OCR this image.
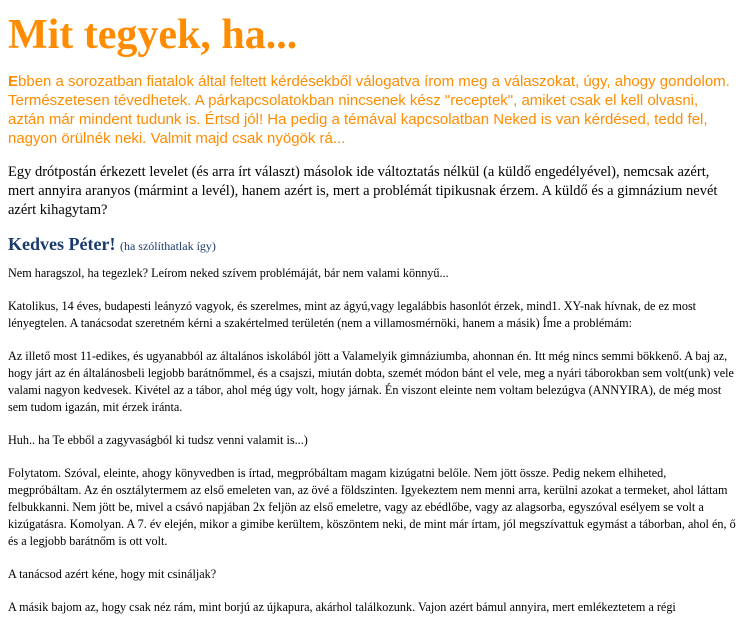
Mit tegyek, ha...

Ebben a sorozatban fiatalok által feltett kérdésekből válogatva írom meg a válaszokat, úgy, ahogy gondolom. Természetesen tévedhetek. A párkapcsolatokban nincsenek kész "receptek", amiket csak el kell olvasni, aztán már mindent tudunk is. Értsd jól! Ha pedig a témával kapcsolatban Neked is van kérdésed, tedd fel, nagyon örülnék neki. Valmit majd csak nyögök rá...

Egy drótpostán érkezett levelet (és arra írt választ) másolok ide változtatás nélkül (a küldő engedélyével), nemcsak azért, mert annyira aranyos (mármint a levél), hanem azért is, mert a problémát tipikusnak érzem. A küldő és a gimnázium nevét azért kihagytam?

Kedves Péter! (ha szólíthatlak így)

Nem haragszol, ha tegezlek? Leírom neked szívem problémáját, bár nem valami könnyű...

Katolikus, 14 éves, budapesti leányzó vagyok, és szerelmes, mint az ágyú,vagy legalábbis hasonlót érzek, mind1. XY-nak hívnak, de ez most lényegtelen. A tanácsodat szeretném kérni a szakértelmed területén (nem a villamosmérnöki, hanem a másik) Íme a problémám:

Az illető most 11-edikes, és ugyanabból az általános iskolából jött a Valamelyik gimnáziumba, ahonnan én. Itt még nincs semmi bökkenő. A baj az, hogy járt az én általánosbeli legjobb barátnőmmel, és a csajszi, miután dobta, szemét módon bánt el vele, meg a nyári táborokban sem volt(unk) vele valami nagyon kedvesek. Kivétel az a tábor, ahol még úgy volt, hogy járnak. Én viszont eleinte nem voltam belezúgva (ANNYIRA), de még most sem tudom igazán, mit érzek iránta.

Huh.. ha Te ebből a zagyvaságból ki tudsz venni valamit is...)

Folytatom. Szóval, eleinte, ahogy könyvedben is írtad, megpróbáltam magam kizúgatni belőle. Nem jött össze. Pedig nekem elhiheted, megpróbáltam. Az én osztálytermem az első emeleten van, az övé a földszinten. Igyekeztem nem menni arra, kerülni azokat a termeket, ahol láttam felbukkanni. Nem jött be, mivel a csávó napjában 2x feljön az első emeletre, vagy az ebédlőbe, vagy az alagsorba, egyszóval esélyem se volt a kizúgatásra. Komolyan. A 7. év elején, mikor a gimibe kerültem, köszöntem neki, de mint már írtam, jól megszívattuk egymást a táborban, ahol én, ő és a legjobb barátnőm is ott volt.

A tanácsod azért kéne, hogy mit csináljak?

A másik bajom az, hogy csak néz rám, mint borjú az újkapura, akárhol találkozunk. Vajon azért bámul annyira, mert emlékeztetem a régi
